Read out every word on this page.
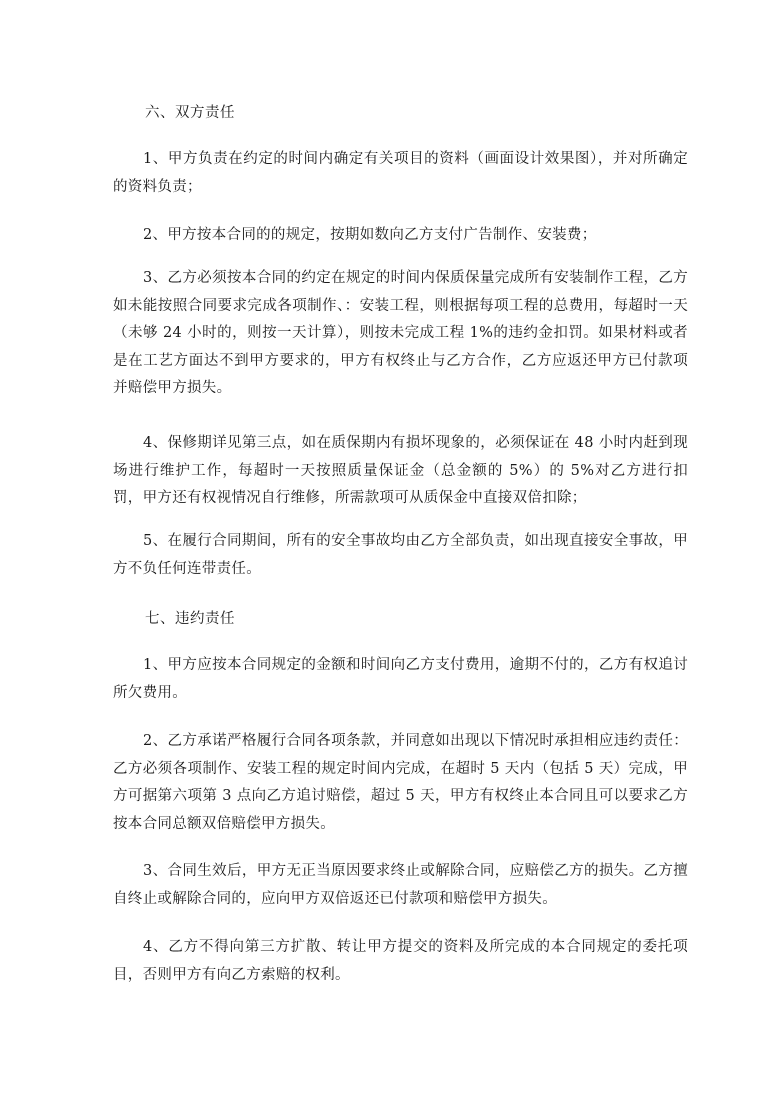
六、双方责任
1、甲方负责在约定的时间内确定有关项目的资料（画面设计效果图），并对所确定的资料负责；
2、甲方按本合同的的规定，按期如数向乙方支付广告制作、安装费；
3、乙方必须按本合同的约定在规定的时间内保质保量完成所有安装制作工程，乙方如未能按照合同要求完成各项制作、：安装工程，则根据每项工程的总费用，每超时一天（未够 24 小时的，则按一天计算），则按未完成工程 1%的违约金扣罚。如果材料或者是在工艺方面达不到甲方要求的，甲方有权终止与乙方合作，乙方应返还甲方已付款项并赔偿甲方损失。
4、保修期详见第三点，如在质保期内有损坏现象的，必须保证在 48 小时内赶到现场进行维护工作，每超时一天按照质量保证金（总金额的 5%）的 5%对乙方进行扣罚，甲方还有权视情况自行维修，所需款项可从质保金中直接双倍扣除；
5、在履行合同期间，所有的安全事故均由乙方全部负责，如出现直接安全事故，甲方不负任何连带责任。
七、违约责任
1、甲方应按本合同规定的金额和时间向乙方支付费用，逾期不付的，乙方有权追讨所欠费用。
2、乙方承诺严格履行合同各项条款，并同意如出现以下情况时承担相应违约责任：乙方必须各项制作、安装工程的规定时间内完成，在超时 5 天内（包括 5 天）完成，甲方可据第六项第 3 点向乙方追讨赔偿，超过 5 天，甲方有权终止本合同且可以要求乙方按本合同总额双倍赔偿甲方损失。
3、合同生效后，甲方无正当原因要求终止或解除合同，应赔偿乙方的损失。乙方擅自终止或解除合同的，应向甲方双倍返还已付款项和赔偿甲方损失。
4、乙方不得向第三方扩散、转让甲方提交的资料及所完成的本合同规定的委托项目，否则甲方有向乙方索赔的权利。
